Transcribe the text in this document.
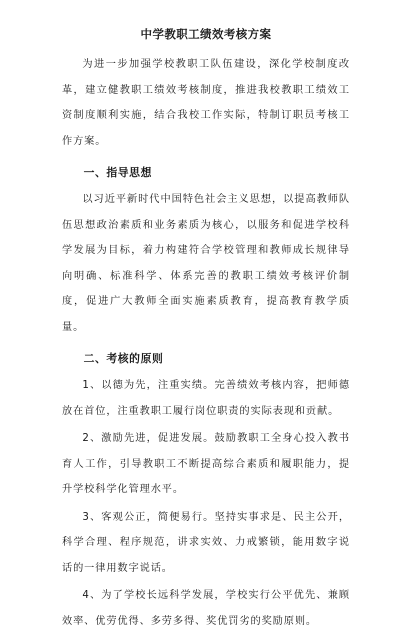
中学教职工绩效考核方案

为进一步加强学校教职工队伍建设，深化学校制度改革，建立健教职工绩效考核制度，推进我校教职工绩效工资制度顺利实施，结合我校工作实际，特制订职员考核工作方案。

一、指导思想

以习近平新时代中国特色社会主义思想，以提高教师队伍思想政治素质和业务素质为核心，以服务和促进学校科学发展为目标，着力构建符合学校管理和教师成长规律导向明确、标准科学、体系完善的教职工绩效考核评价制度，促进广大教师全面实施素质教育，提高教育教学质量。

二、考核的原则

1、以德为先，注重实绩。完善绩效考核内容，把师德放在首位，注重教职工履行岗位职责的实际表现和贡献。

2、激励先进，促进发展。鼓励教职工全身心投入教书育人工作，引导教职工不断提高综合素质和履职能力，提升学校科学化管理水平。

3、客观公正，简便易行。坚持实事求是、民主公开，科学合理、程序规范，讲求实效、力戒繁锁，能用数字说话的一律用数字说话。

4、为了学校长远科学发展，学校实行公平优先、兼顾效率、优劳优得、多劳多得、奖优罚劣的奖励原则。
